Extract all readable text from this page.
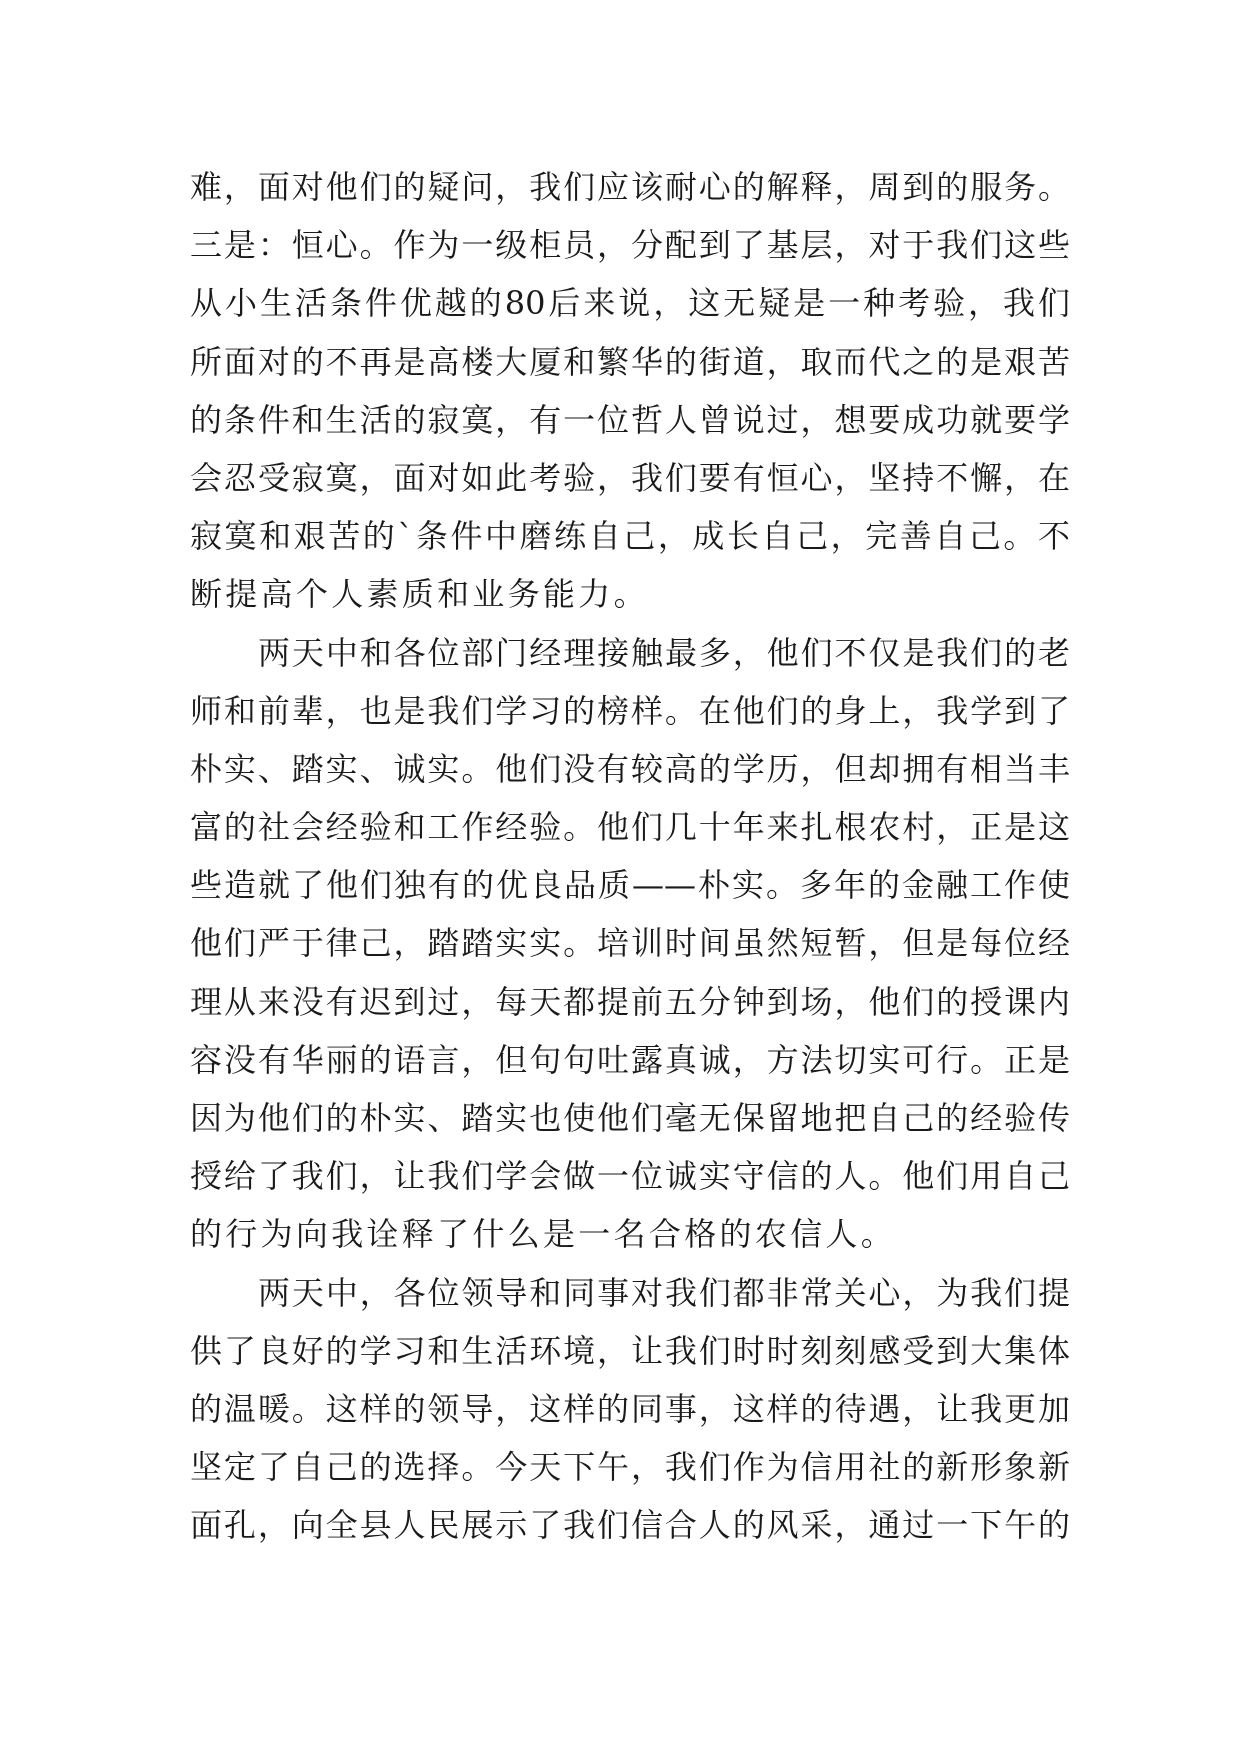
难，面对他们的疑问，我们应该耐心的解释，周到的服务。
三是：恒心。作为一级柜员，分配到了基层，对于我们这些
从小生活条件优越的80后来说，这无疑是一种考验，我们
所面对的不再是高楼大厦和繁华的街道，取而代之的是艰苦
的条件和生活的寂寞，有一位哲人曾说过，想要成功就要学
会忍受寂寞，面对如此考验，我们要有恒心，坚持不懈，在
寂寞和艰苦的`条件中磨练自己，成长自己，完善自己。不
断提高个人素质和业务能力。
两天中和各位部门经理接触最多，他们不仅是我们的老
师和前辈，也是我们学习的榜样。在他们的身上，我学到了
朴实、踏实、诚实。他们没有较高的学历，但却拥有相当丰
富的社会经验和工作经验。他们几十年来扎根农村，正是这
些造就了他们独有的优良品质——朴实。多年的金融工作使
他们严于律己，踏踏实实。培训时间虽然短暂，但是每位经
理从来没有迟到过，每天都提前五分钟到场，他们的授课内
容没有华丽的语言，但句句吐露真诚，方法切实可行。正是
因为他们的朴实、踏实也使他们毫无保留地把自己的经验传
授给了我们，让我们学会做一位诚实守信的人。他们用自己
的行为向我诠释了什么是一名合格的农信人。
两天中，各位领导和同事对我们都非常关心，为我们提
供了良好的学习和生活环境，让我们时时刻刻感受到大集体
的温暖。这样的领导，这样的同事，这样的待遇，让我更加
坚定了自己的选择。今天下午，我们作为信用社的新形象新
面孔，向全县人民展示了我们信合人的风采，通过一下午的
